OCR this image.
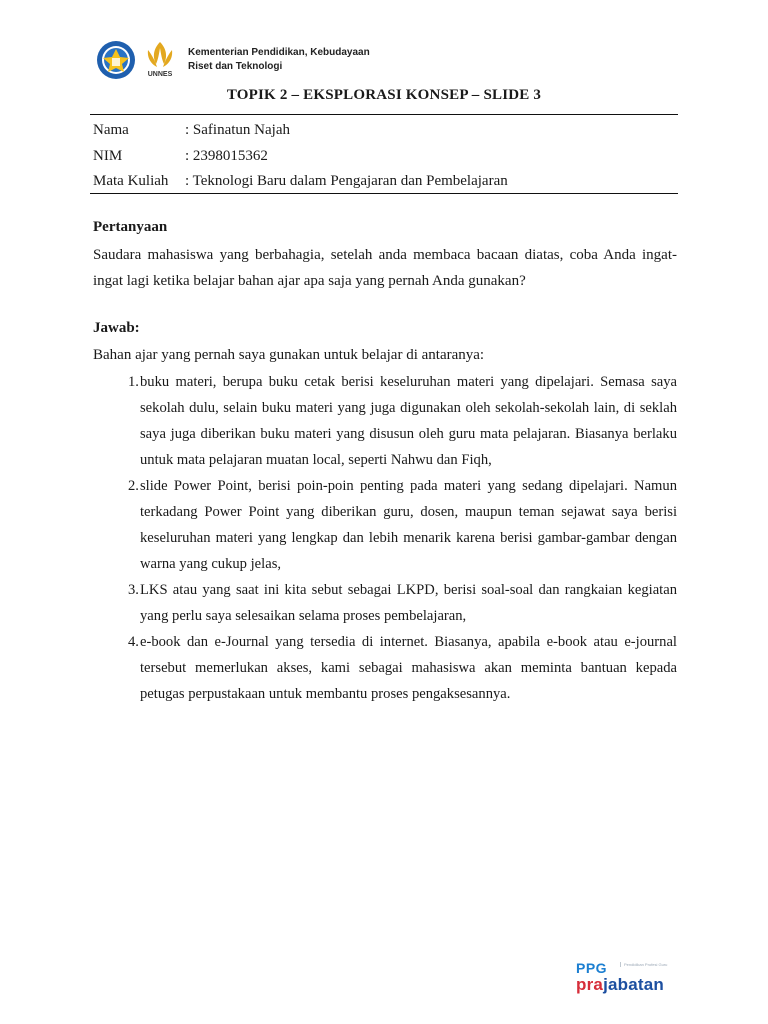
UNNES
Kementerian Pendidikan, Kebudayaan
Riset dan Teknologi
TOPIK 2 – EKSPLORASI KONSEP – SLIDE 3
Nama	: Safinatun Najah
NIM	: 2398015362
Mata Kuliah	: Teknologi Baru dalam Pengajaran dan Pembelajaran
Pertanyaan
Saudara mahasiswa yang berbahagia, setelah anda membaca bacaan diatas, coba Anda ingat-ingat lagi ketika belajar bahan ajar apa saja yang pernah Anda gunakan?
Jawab:
Bahan ajar yang pernah saya gunakan untuk belajar di antaranya:
1. buku materi, berupa buku cetak berisi keseluruhan materi yang dipelajari. Semasa saya sekolah dulu, selain buku materi yang juga digunakan oleh sekolah-sekolah lain, di seklah saya juga diberikan buku materi yang disusun oleh guru mata pelajaran. Biasanya berlaku untuk mata pelajaran muatan local, seperti Nahwu dan Fiqh,
2. slide Power Point, berisi poin-poin penting pada materi yang sedang dipelajari. Namun terkadang Power Point yang diberikan guru, dosen, maupun teman sejawat saya berisi keseluruhan materi yang lengkap dan lebih menarik karena berisi gambar-gambar dengan warna yang cukup jelas,
3. LKS atau yang saat ini kita sebut sebagai LKPD, berisi soal-soal dan rangkaian kegiatan yang perlu saya selesaikan selama proses pembelajaran,
4. e-book dan e-Journal yang tersedia di internet. Biasanya, apabila e-book atau e-journal tersebut memerlukan akses, kami sebagai mahasiswa akan meminta bantuan kepada petugas perpustakaan untuk membantu proses pengaksesannya.
PPG	Pendidikan Profesi Guru
prajabatan
